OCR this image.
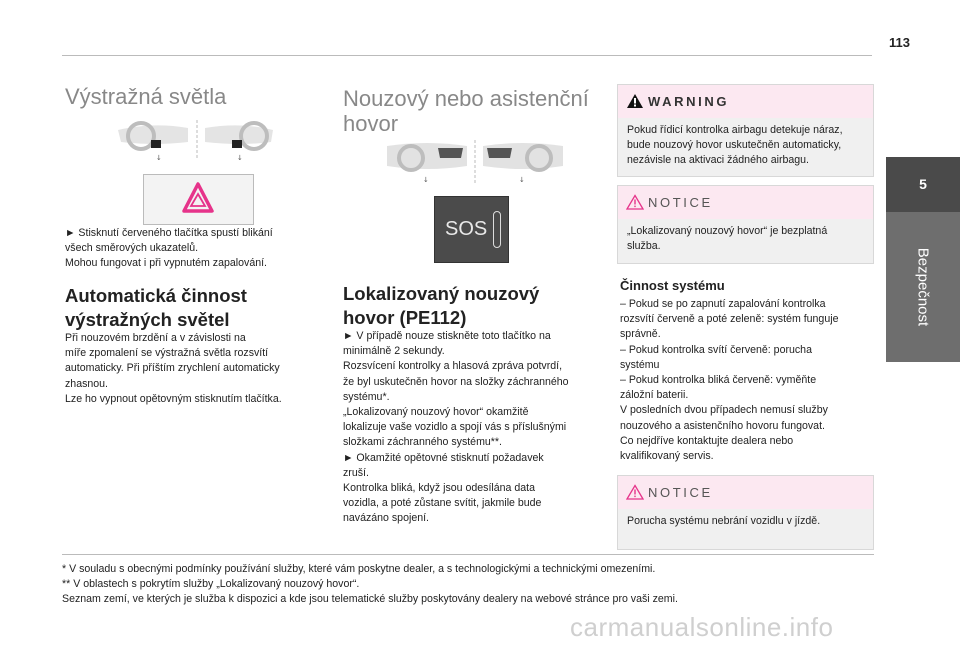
113
5
Bezpečnost
Výstražná světla
↓	↓
► Stisknutí červeného tlačítka spustí blikání
všech směrových ukazatelů.
Mohou fungovat i při vypnutém zapalování.
Automatická činnost
výstražných světel
Při nouzovém brzdění a v závislosti na
míře zpomalení se výstražná světla rozsvítí
automaticky. Při příštím zrychlení automaticky
zhasnou.
Lze ho vypnout opětovným stisknutím tlačítka.
Nouzový nebo asistenční
hovor
↓	↓
SOS
Lokalizovaný nouzový
hovor (PE112)
► V případě nouze stiskněte toto tlačítko na
minimálně 2 sekundy.
Rozsvícení kontrolky a hlasová zpráva potvrdí,
že byl uskutečněn hovor na složky záchranného
systému*.
„Lokalizovaný nouzový hovor“ okamžitě
lokalizuje vaše vozidlo a spojí vás s příslušnými
složkami záchranného systému**.
► Okamžité opětovné stisknutí požadavek
zruší.
Kontrolka bliká, když jsou odesílána data
vozidla, a poté zůstane svítit, jakmile bude
navázáno spojení.
WARNING
Pokud řídicí kontrolka airbagu detekuje náraz,
bude nouzový hovor uskutečněn automaticky,
nezávisle na aktivaci žádného airbagu.
NOTICE
„Lokalizovaný nouzový hovor“ je bezplatná
služba.
Činnost systému
– Pokud se po zapnutí zapalování kontrolka
rozsvítí červeně a poté zeleně: systém funguje
správně.
– Pokud kontrolka svítí červeně: porucha
systému
– Pokud kontrolka bliká červeně: vyměňte
záložní baterii.
V posledních dvou případech nemusí služby
nouzového a asistenčního hovoru fungovat.
Co nejdříve kontaktujte dealera nebo
kvalifikovaný servis.
NOTICE
Porucha systému nebrání vozidlu v jízdě.
* V souladu s obecnými podmínky používání služby, které vám poskytne dealer, a s technologickými a technickými omezeními.
** V oblastech s pokrytím služby „Lokalizovaný nouzový hovor“.
Seznam zemí, ve kterých je služba k dispozici a kde jsou telematické služby poskytovány dealery na webové stránce pro vaši zemi.
carmanualsonline.info
